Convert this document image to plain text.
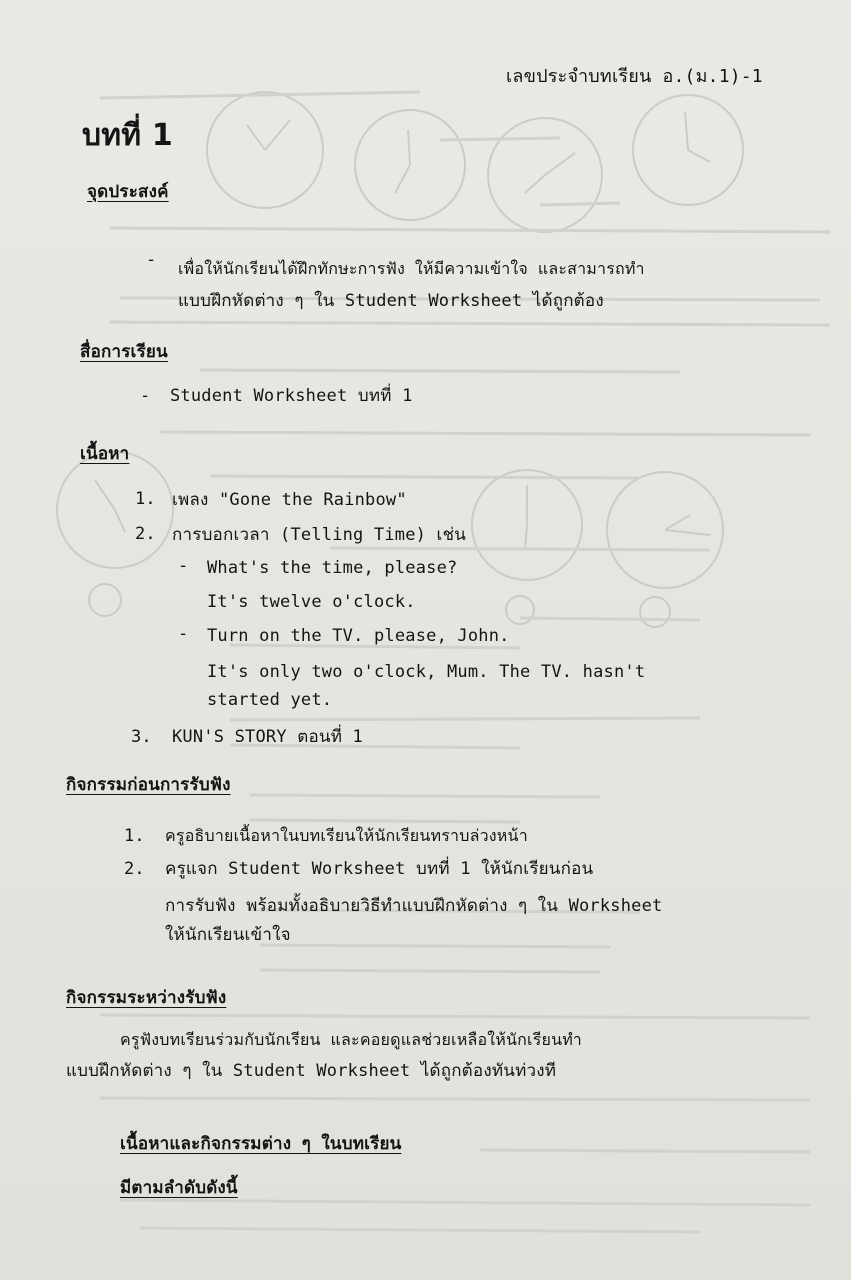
เลขประจำบทเรียน อ.(ม.1)-1
บทที่ 1
จุดประสงค์
- เพื่อให้นักเรียนได้ฝึกทักษะการฟัง ให้มีความเข้าใจ และสามารถทำ
แบบฝึกหัดต่าง ๆ ใน Student Worksheet ได้ถูกต้อง
สื่อการเรียน
- Student Worksheet บทที่ 1
เนื้อหา
1. เพลง "Gone the Rainbow"
2. การบอกเวลา (Telling Time) เช่น
- What's the time, please?
It's twelve o'clock.
- Turn on the TV. please, John.
It's only two o'clock, Mum. The TV. hasn't
started yet.
3. KUN'S STORY ตอนที่ 1
กิจกรรมก่อนการรับฟัง
1. ครูอธิบายเนื้อหาในบทเรียนให้นักเรียนทราบล่วงหน้า
2. ครูแจก Student Worksheet บทที่ 1 ให้นักเรียนก่อน
การรับฟัง พร้อมทั้งอธิบายวิธีทำแบบฝึกหัดต่าง ๆ ใน Worksheet
ให้นักเรียนเข้าใจ
กิจกรรมระหว่างรับฟัง
ครูฟังบทเรียนร่วมกับนักเรียน และคอยดูแลช่วยเหลือให้นักเรียนทำ
แบบฝึกหัดต่าง ๆ ใน Student Worksheet ได้ถูกต้องทันท่วงที
เนื้อหาและกิจกรรมต่าง ๆ ในบทเรียน
มีตามลำดับดังนี้
